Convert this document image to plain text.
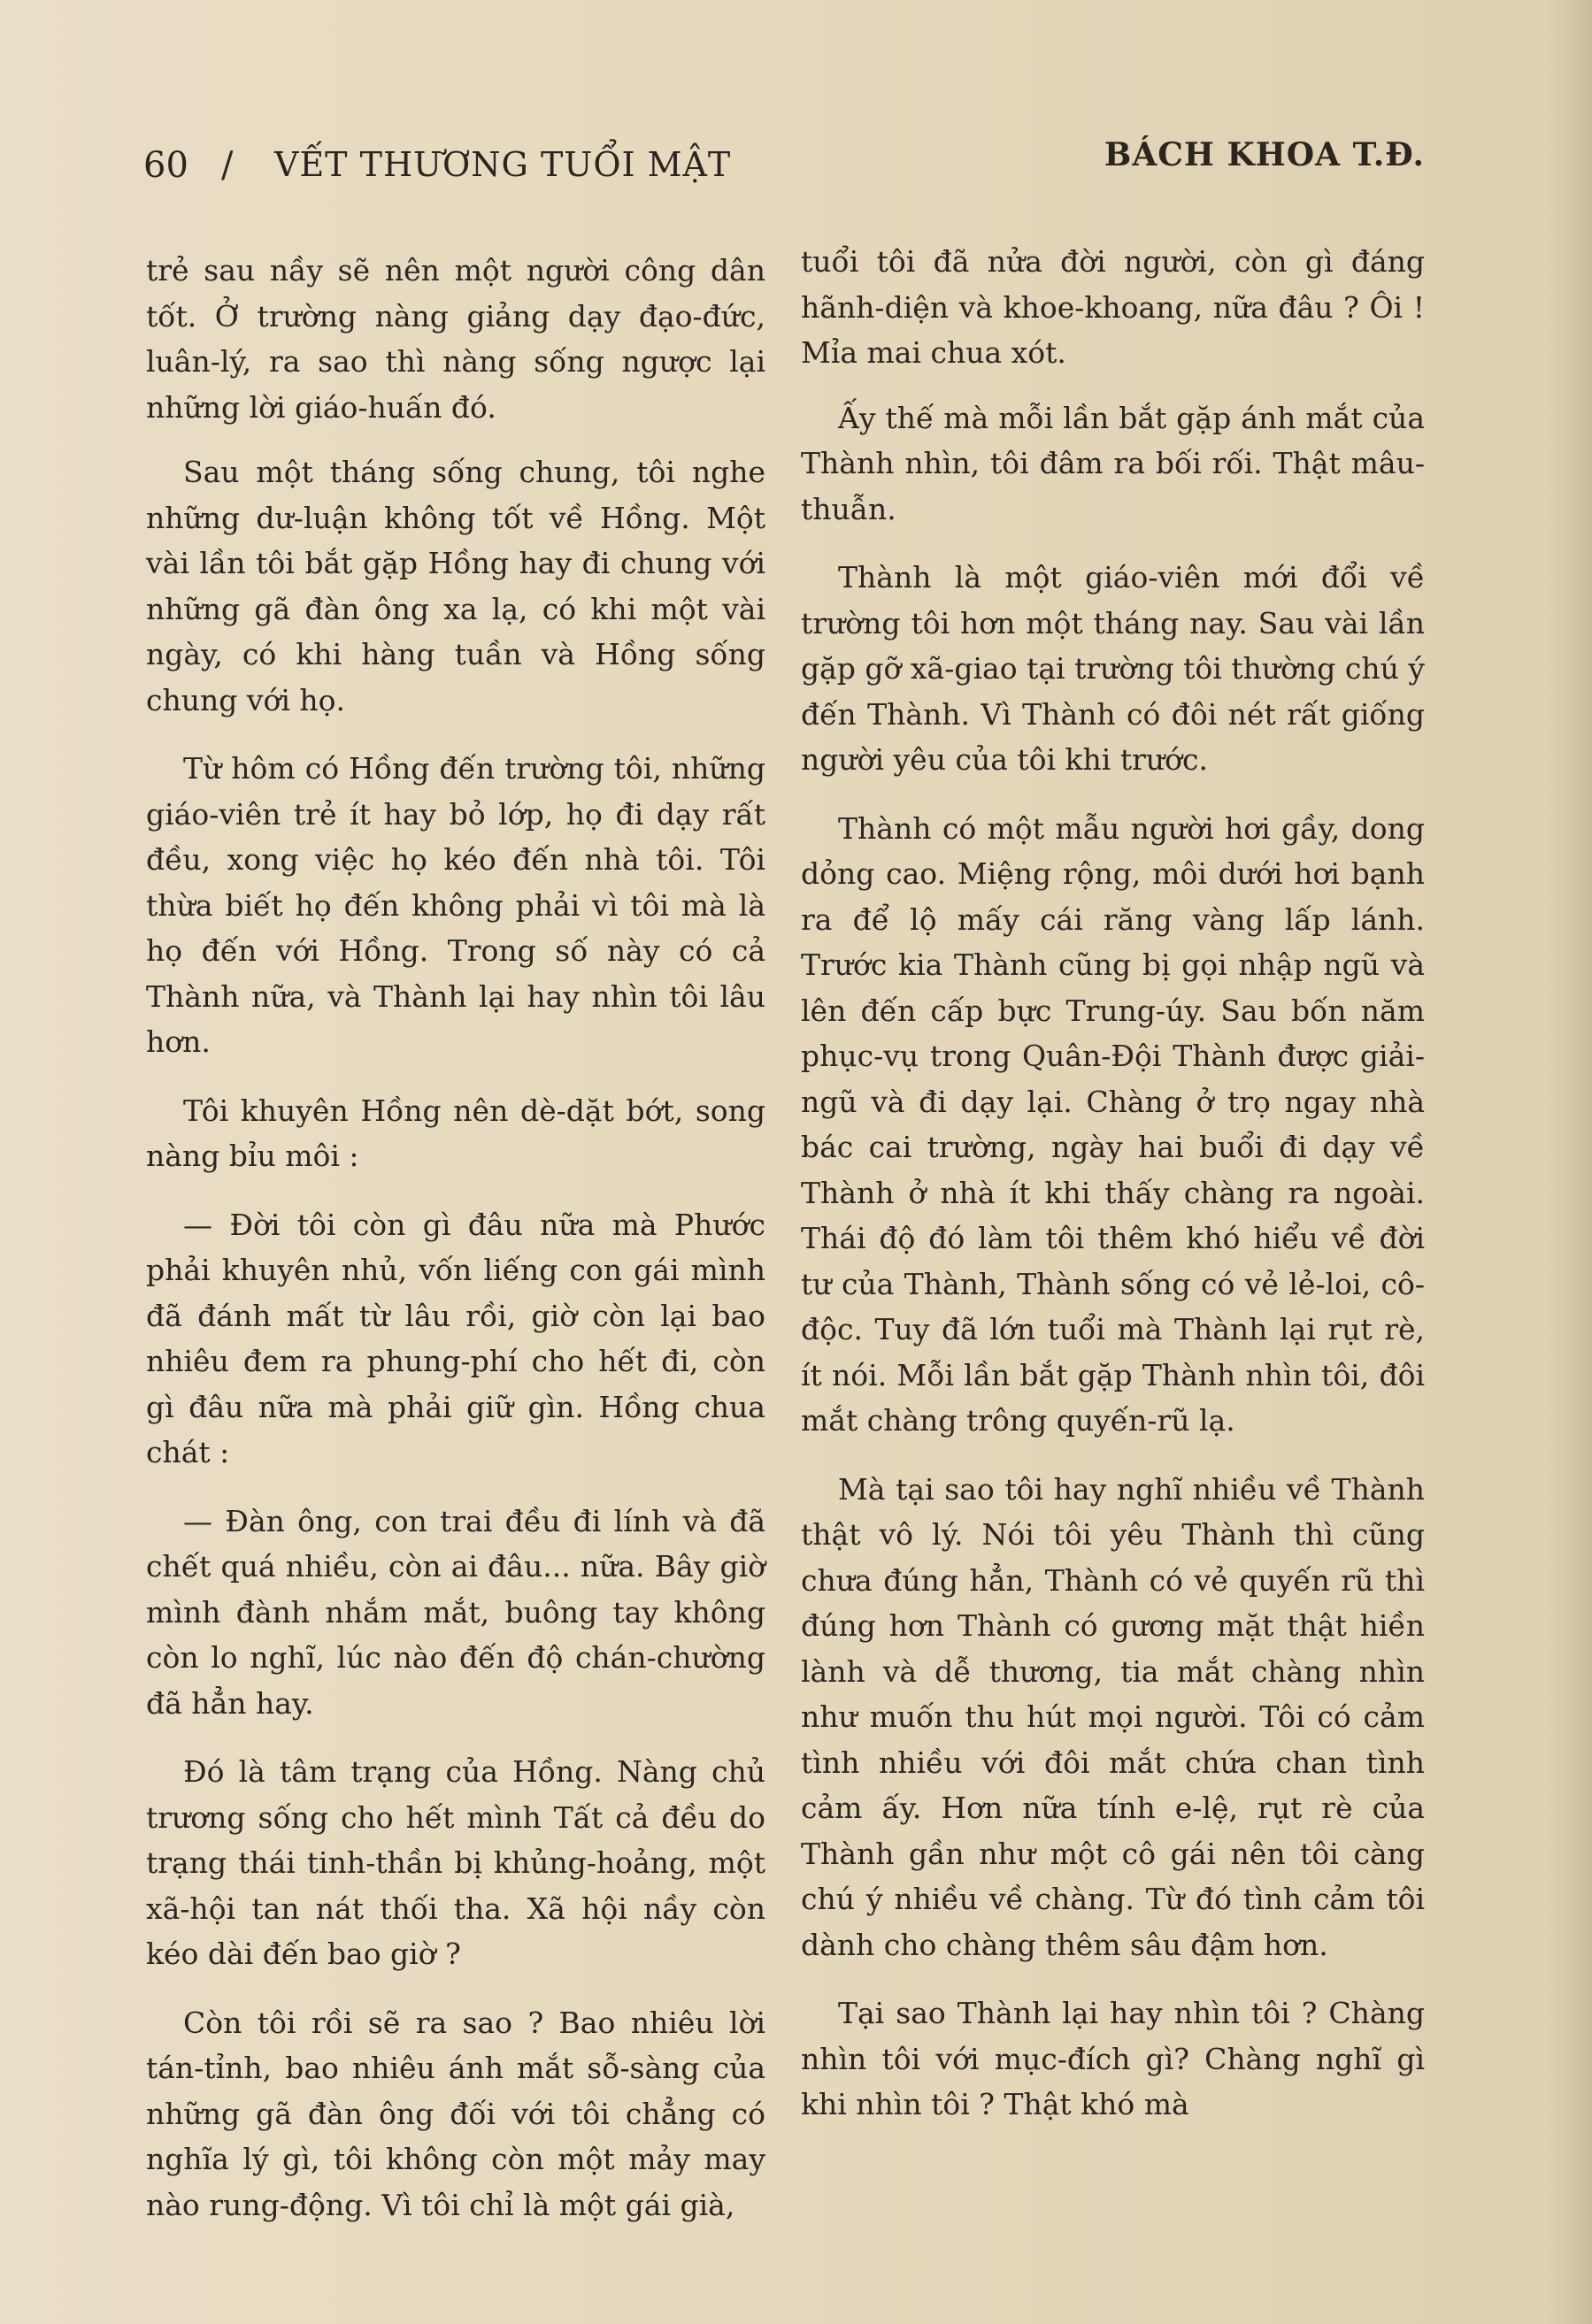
60 / VẾT THƯƠNG TUỔI MẬT	BÁCH KHOA T.Đ.

trẻ sau nầy sẽ nên một người công dân tốt. Ở trường nàng giảng dạy đạo-đức, luân-lý, ra sao thì nàng sống ngược lại những lời giáo-huấn đó.

Sau một tháng sống chung, tôi nghe những dư-luận không tốt về Hồng. Một vài lần tôi bắt gặp Hồng hay đi chung với những gã đàn ông xa lạ, có khi một vài ngày, có khi hàng tuần và Hồng sống chung với họ.

Từ hôm có Hồng đến trường tôi, những giáo-viên trẻ ít hay bỏ lớp, họ đi dạy rất đều, xong việc họ kéo đến nhà tôi. Tôi thừa biết họ đến không phải vì tôi mà là họ đến với Hồng. Trong số này có cả Thành nữa, và Thành lại hay nhìn tôi lâu hơn.

Tôi khuyên Hồng nên dè-dặt bớt, song nàng bỉu môi :

— Đời tôi còn gì đâu nữa mà Phước phải khuyên nhủ, vốn liếng con gái mình đã đánh mất từ lâu rồi, giờ còn lại bao nhiêu đem ra phung-phí cho hết đi, còn gì đâu nữa mà phải giữ gìn. Hồng chua chát :

— Đàn ông, con trai đều đi lính và đã chết quá nhiều, còn ai đâu... nữa. Bây giờ mình đành nhắm mắt, buông tay không còn lo nghĩ, lúc nào đến độ chán-chường đã hẳn hay.

Đó là tâm trạng của Hồng. Nàng chủ trương sống cho hết mình Tất cả đều do trạng thái tinh-thần bị khủng-hoảng, một xã-hội tan nát thối tha. Xã hội nầy còn kéo dài đến bao giờ ?

Còn tôi rồi sẽ ra sao ? Bao nhiêu lời tán-tỉnh, bao nhiêu ánh mắt sỗ-sàng của những gã đàn ông đối với tôi chẳng có nghĩa lý gì, tôi không còn một mảy may nào rung-động. Vì tôi chỉ là một gái già,

tuổi tôi đã nửa đời người, còn gì đáng hãnh-diện và khoe-khoang, nữa đâu ? Ôi ! Mỉa mai chua xót.

Ấy thế mà mỗi lần bắt gặp ánh mắt của Thành nhìn, tôi đâm ra bối rối. Thật mâu-thuẫn.

Thành là một giáo-viên mới đổi về trường tôi hơn một tháng nay. Sau vài lần gặp gỡ xã-giao tại trường tôi thường chú ý đến Thành. Vì Thành có đôi nét rất giống người yêu của tôi khi trước.

Thành có một mẫu người hơi gầy, dong dỏng cao. Miệng rộng, môi dưới hơi bạnh ra để lộ mấy cái răng vàng lấp lánh. Trước kia Thành cũng bị gọi nhập ngũ và lên đến cấp bực Trung-úy. Sau bốn năm phục-vụ trong Quân-Đội Thành được giải-ngũ và đi dạy lại. Chàng ở trọ ngay nhà bác cai trường, ngày hai buổi đi dạy về Thành ở nhà ít khi thấy chàng ra ngoài. Thái độ đó làm tôi thêm khó hiểu về đời tư của Thành, Thành sống có vẻ lẻ-loi, cô-độc. Tuy đã lớn tuổi mà Thành lại rụt rè, ít nói. Mỗi lần bắt gặp Thành nhìn tôi, đôi mắt chàng trông quyến-rũ lạ.

Mà tại sao tôi hay nghĩ nhiều về Thành thật vô lý. Nói tôi yêu Thành thì cũng chưa đúng hẳn, Thành có vẻ quyến rũ thì đúng hơn Thành có gương mặt thật hiền lành và dễ thương, tia mắt chàng nhìn như muốn thu hút mọi người. Tôi có cảm tình nhiều với đôi mắt chứa chan tình cảm ấy. Hơn nữa tính e-lệ, rụt rè của Thành gần như một cô gái nên tôi càng chú ý nhiều về chàng. Từ đó tình cảm tôi dành cho chàng thêm sâu đậm hơn.

Tại sao Thành lại hay nhìn tôi ? Chàng nhìn tôi với mục-đích gì? Chàng nghĩ gì khi nhìn tôi ? Thật khó mà
